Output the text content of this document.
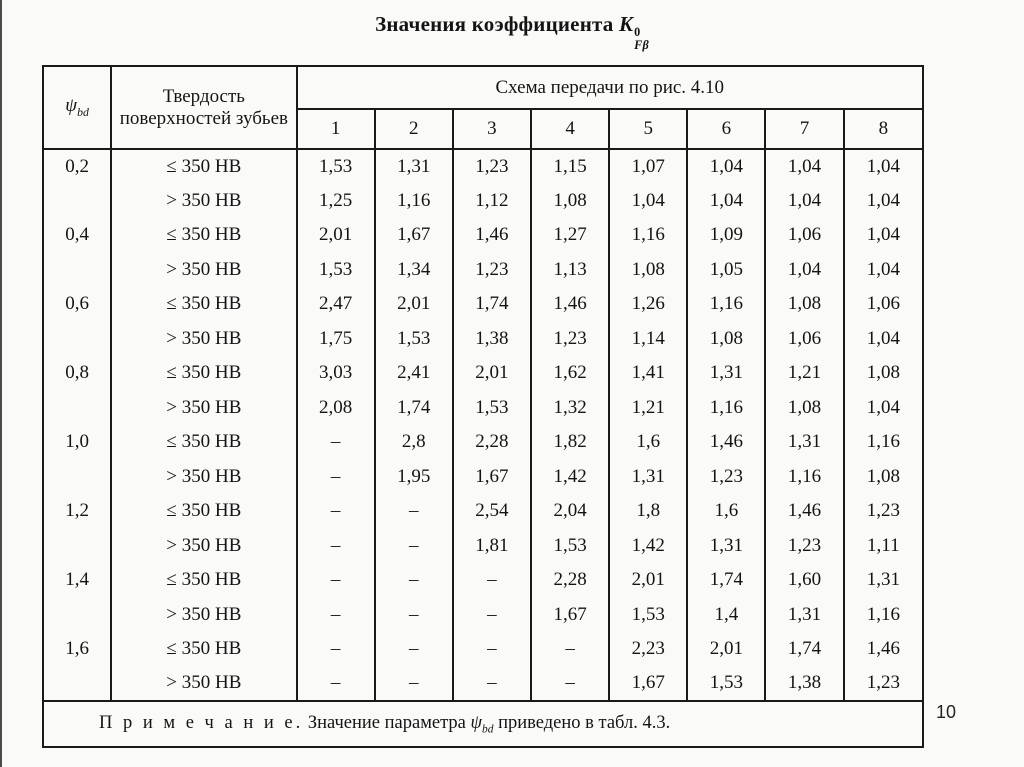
Значения коэффициента K 0
Fβ
$\psi_{bd}$	Твердость поверхностей зубьев	Схема передачи по рис. 4.10							
		1	2	3	4	5	6	7	8
0,2	≤ 350 НВ	1,53	1,31	1,23	1,15	1,07	1,04	1,04	1,04
	> 350 НВ	1,25	1,16	1,12	1,08	1,04	1,04	1,04	1,04
0,4	≤ 350 НВ	2,01	1,67	1,46	1,27	1,16	1,09	1,06	1,04
	> 350 НВ	1,53	1,34	1,23	1,13	1,08	1,05	1,04	1,04
0,6	≤ 350 НВ	2,47	2,01	1,74	1,46	1,26	1,16	1,08	1,06
	> 350 НВ	1,75	1,53	1,38	1,23	1,14	1,08	1,06	1,04
0,8	≤ 350 НВ	3,03	2,41	2,01	1,62	1,41	1,31	1,21	1,08
	> 350 НВ	2,08	1,74	1,53	1,32	1,21	1,16	1,08	1,04
1,0	≤ 350 НВ	–	2,8	2,28	1,82	1,6	1,46	1,31	1,16
	> 350 НВ	–	1,95	1,67	1,42	1,31	1,23	1,16	1,08
1,2	≤ 350 НВ	–	–	2,54	2,04	1,8	1,6	1,46	1,23
	> 350 НВ	–	–	1,81	1,53	1,42	1,31	1,23	1,11
1,4	≤ 350 НВ	–	–	–	2,28	2,01	1,74	1,60	1,31
	> 350 НВ	–	–	–	1,67	1,53	1,4	1,31	1,16
1,6	≤ 350 НВ	–	–	–	–	2,23	2,01	1,74	1,46
	> 350 НВ	–	–	–	–	1,67	1,53	1,38	1,23
П р и м е ч а н и е. Значение параметра $\psi_{bd}$ приведено в табл. 4.3.									
10
